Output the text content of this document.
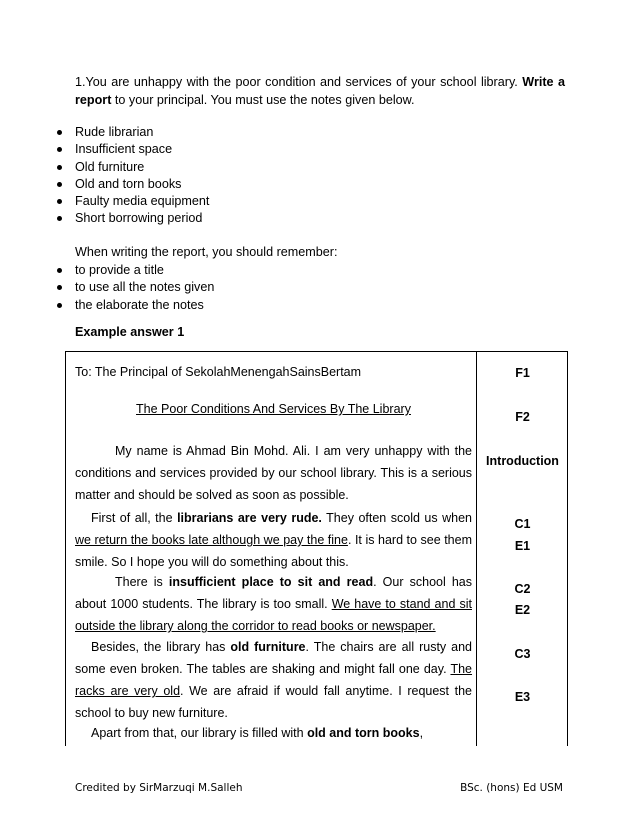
1.You are unhappy with the poor condition and services of your school library. Write a report to your principal. You must use the notes given below.
Rude librarian
Insufficient space
Old furniture
Old and torn books
Faulty media equipment
Short borrowing period
When writing the report, you should remember:
to provide a title
to use all the notes given
the elaborate the notes
Example answer 1
To: The Principal of SekolahMenengahSainsBertam
The Poor Conditions And Services By The Library

My name is Ahmad Bin Mohd. Ali. I am very unhappy with the conditions and services provided by our school library. This is a serious matter and should be solved as soon as possible.

First of all, the librarians are very rude. They often scold us when we return the books late although we pay the fine. It is hard to see them smile. So I hope you will do something about this.

There is insufficient place to sit and read. Our school has about 1000 students. The library is too small. We have to stand and sit outside the library along the corridor to read books or newspaper.

Besides, the library has old furniture. The chairs are all rusty and some even broken. The tables are shaking and might fall one day. The racks are very old. We are afraid if would fall anytime. I request the school to buy new furniture.

Apart from that, our library is filled with old and torn books,

F1
F2
Introduction
C1
E1
C2
E2
C3
E3
Credited by SirMarzuqi M.Salleh	BSc. (hons) Ed USM
